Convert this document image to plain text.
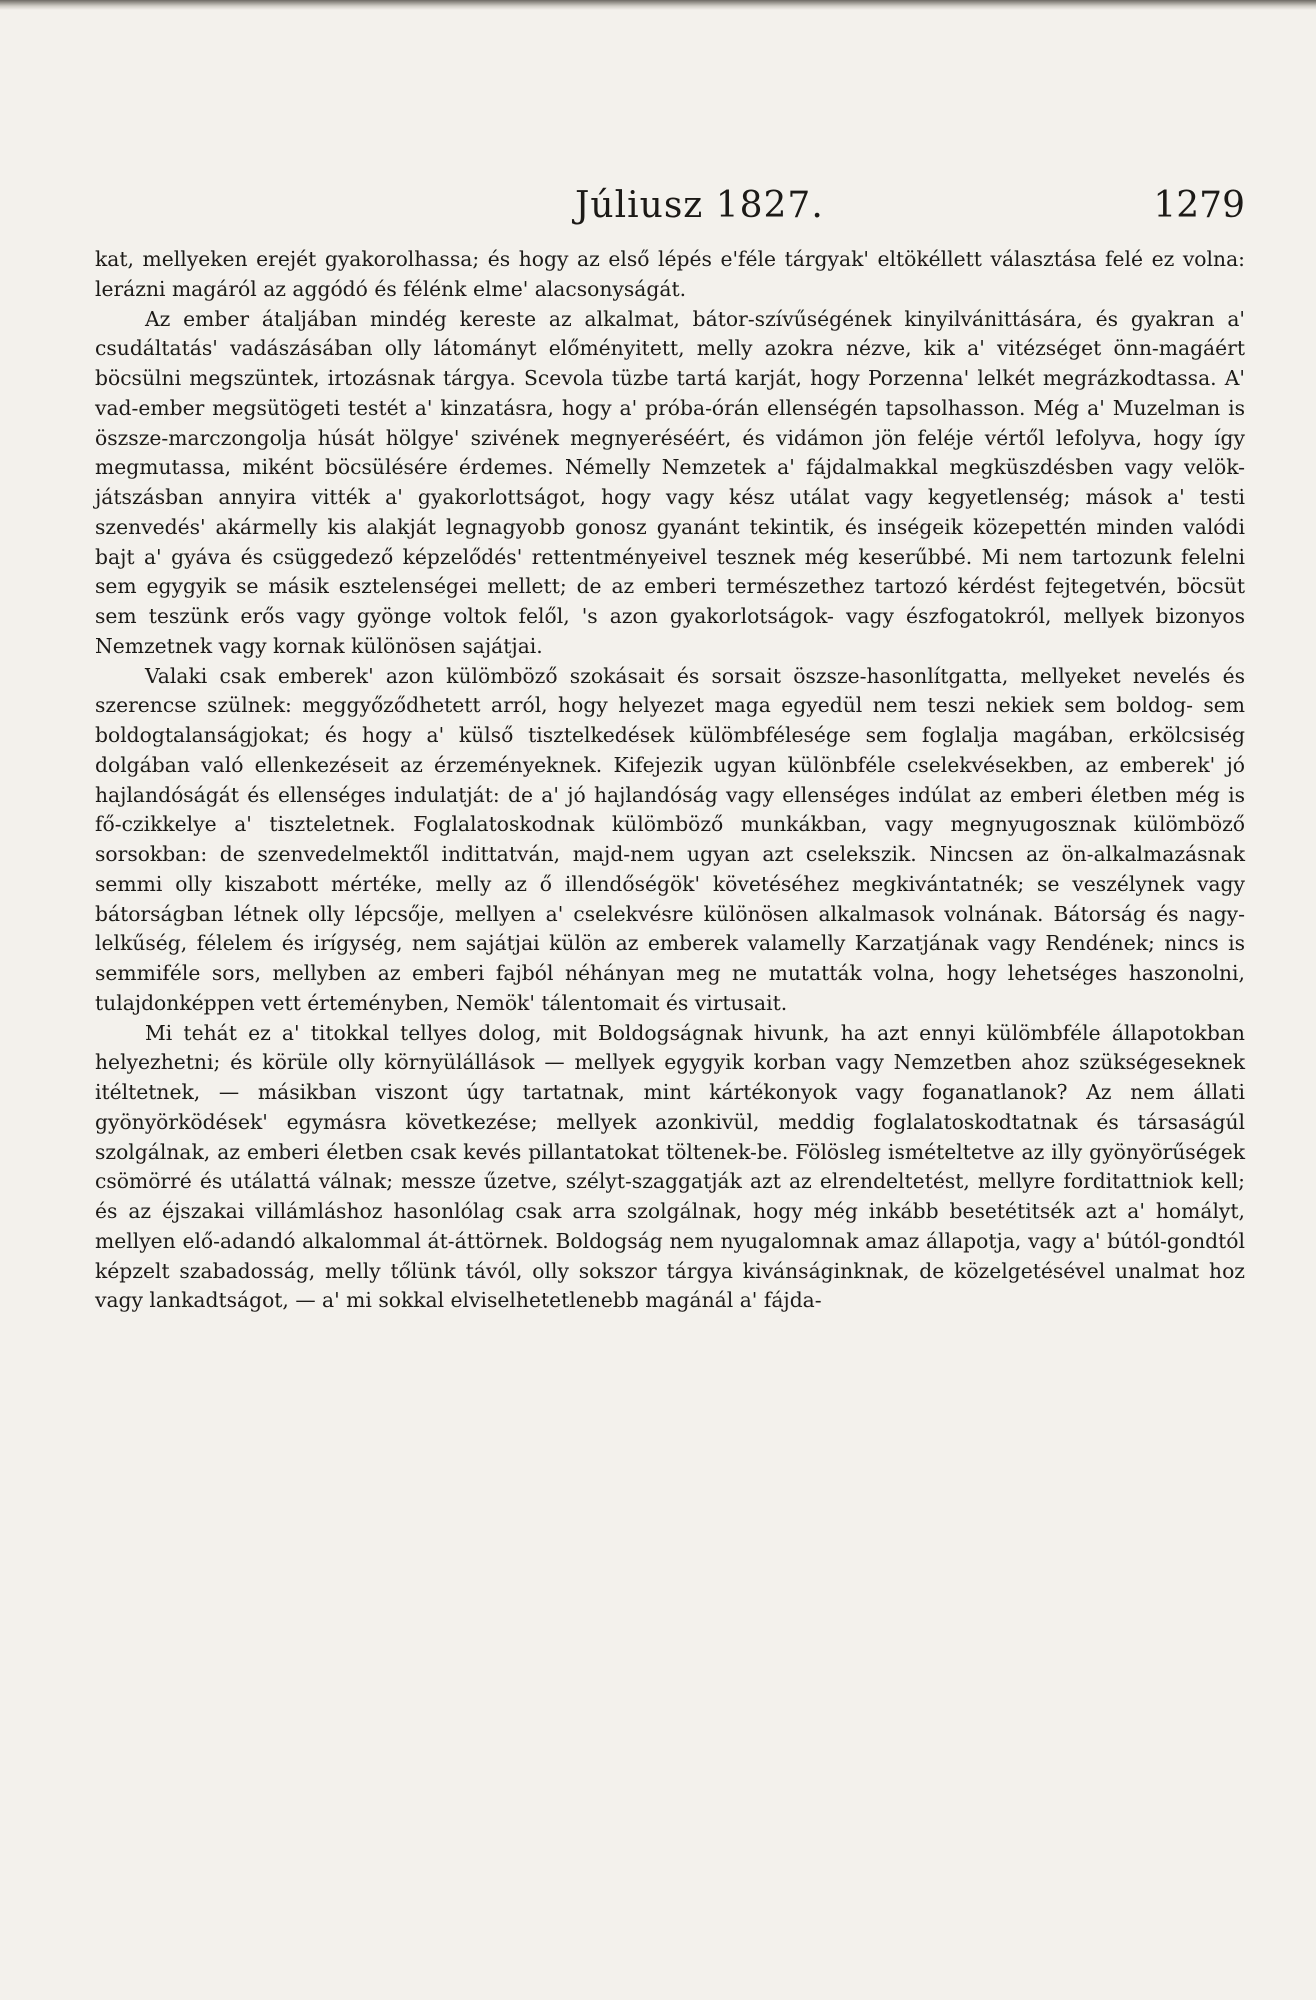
Júliusz 1827.	1279

kat, mellyeken erejét gyakorolhassa; és hogy az első lépés e'féle tárgyak' eltökéllett választása felé ez volna: lerázni magáról az aggódó és félénk elme' alacsonyságát.

Az ember átaljában mindég kereste az alkalmat, bátor-szívűségének kinyilvánittására, és gyakran a' csudáltatás' vadászásában olly látományt előményitett, melly azokra nézve, kik a' vitézséget önn-magáért böcsülni megszüntek, irtozásnak tárgya. Scevola tüzbe tartá karját, hogy Porzenna' lelkét megrázkodtassa. A' vad-ember megsütögeti testét a' kinzatásra, hogy a' próba-órán ellenségén tapsolhasson. Még a' Muzelman is öszsze-marczongolja húsát hölgye' szivének megnyeréséért, és vidámon jön feléje vértől lefolyva, hogy így megmutassa, miként böcsülésére érdemes. Némelly Nemzetek a' fájdalmakkal megküszdésben vagy velök-játszásban annyira vitték a' gyakorlottságot, hogy vagy kész utálat vagy kegyetlenség; mások a' testi szenvedés' akármelly kis alakját legnagyobb gonosz gyanánt tekintik, és inségeik közepettén minden valódi bajt a' gyáva és csüggedező képzelődés' rettentményeivel tesznek még keserűbbé. Mi nem tartozunk felelni sem egygyik se másik esztelenségei mellett; de az emberi természethez tartozó kérdést fejtegetvén, böcsüt sem teszünk erős vagy gyönge voltok felől, 's azon gyakorlotságok- vagy észfogatokról, mellyek bizonyos Nemzetnek vagy kornak különösen sajátjai.

Valaki csak emberek' azon külömböző szokásait és sorsait öszsze-hasonlítgatta, mellyeket nevelés és szerencse szülnek: meggyőződhetett arról, hogy helyezet maga egyedül nem teszi nekiek sem boldog- sem boldogtalanságjokat; és hogy a' külső tisztelkedések külömbfélesége sem foglalja magában, erkölcsiség dolgában való ellenkezéseit az érzeményeknek. Kifejezik ugyan különbféle cselekvésekben, az emberek' jó hajlandóságát és ellenséges indulatját: de a' jó hajlandóság vagy ellenséges indúlat az emberi életben még is fő-czikkelye a' tiszteletnek. Foglalatoskodnak külömböző munkákban, vagy megnyugosznak külömböző sorsokban: de szenvedelmektől indittatván, majd-nem ugyan azt cselekszik. Nincsen az ön-alkalmazásnak semmi olly kiszabott mértéke, melly az ő illendőségök' követéséhez megkivántatnék; se veszélynek vagy bátorságban létnek olly lépcsője, mellyen a' cselekvésre különösen alkalmasok volnának. Bátorság és nagy-lelkűség, félelem és irígység, nem sajátjai külön az emberek valamelly Karzatjának vagy Rendének; nincs is semmiféle sors, mellyben az emberi fajból néhányan meg ne mutatták volna, hogy lehetséges haszonolni, tulajdonképpen vett érteményben, Nemök' tálentomait és virtusait.

Mi tehát ez a' titokkal tellyes dolog, mit Boldogságnak hivunk, ha azt ennyi külömbféle állapotokban helyezhetni; és körüle olly környülállások — mellyek egygyik korban vagy Nemzetben ahoz szükségeseknek itéltetnek, — másikban viszont úgy tartatnak, mint kártékonyok vagy foganatlanok? Az nem állati gyönyörködések' egymásra következése; mellyek azonkivül, meddig foglalatoskodtatnak és társaságúl szolgálnak, az emberi életben csak kevés pillantatokat töltenek-be. Fölösleg ismételtetve az illy gyönyörűségek csömörré és utálattá válnak; messze űzetve, szélyt-szaggatják azt az elrendeltetést, mellyre forditattniok kell; és az éjszakai villámláshoz hasonlólag csak arra szolgálnak, hogy még inkább besetétitsék azt a' homályt, mellyen elő-adandó alkalommal át-áttörnek. Boldogság nem nyugalomnak amaz állapotja, vagy a' bútól-gondtól képzelt szabadosság, melly tőlünk távól, olly sokszor tárgya kivánságinknak, de közelgetésével unalmat hoz vagy lankadtságot, — a' mi sokkal elviselhetetlenebb magánál a' fájda-
